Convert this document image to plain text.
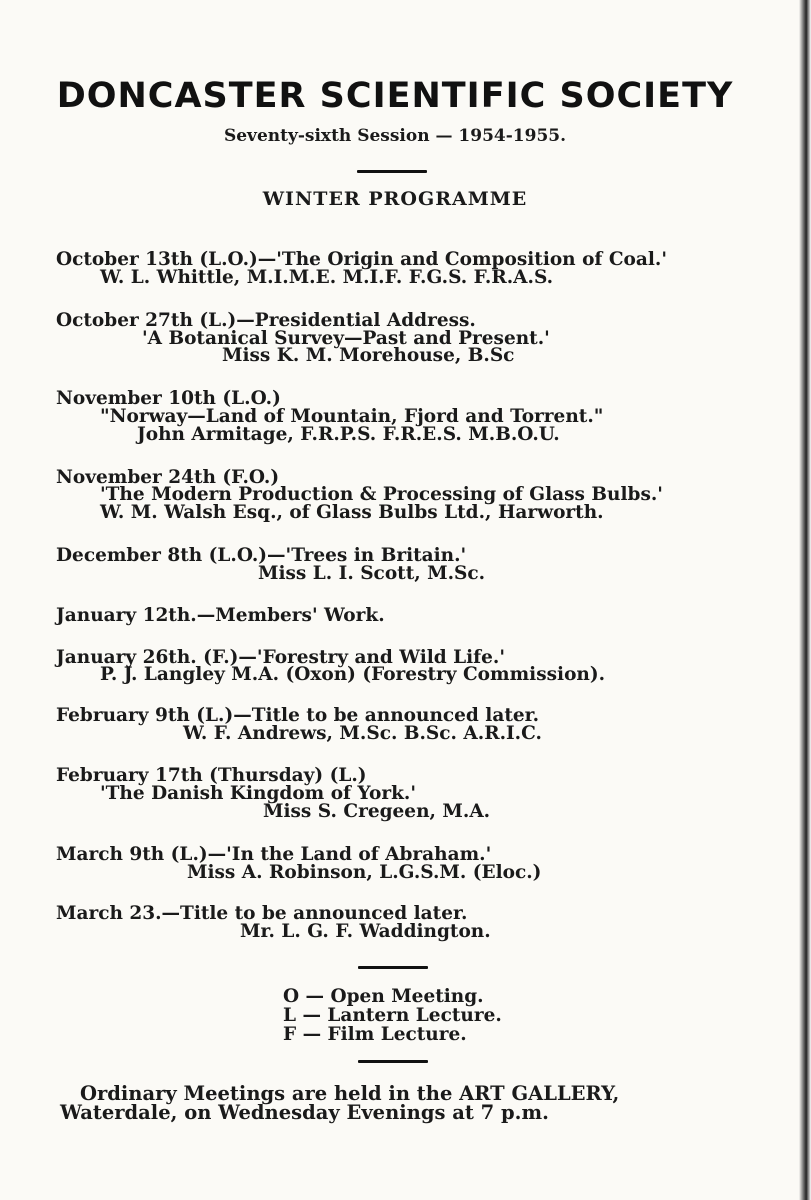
DONCASTER SCIENTIFIC SOCIETY
Seventy-sixth Session — 1954-1955.
WINTER PROGRAMME
October 13th (L.O.)—'The Origin and Composition of Coal.'
W. L. Whittle, M.I.M.E. M.I.F. F.G.S. F.R.A.S.
October 27th (L.)—Presidential Address.
'A Botanical Survey—Past and Present.'
Miss K. M. Morehouse, B.Sc
November 10th (L.O.)
"Norway—Land of Mountain, Fjord and Torrent."
John Armitage, F.R.P.S. F.R.E.S. M.B.O.U.
November 24th (F.O.)
'The Modern Production & Processing of Glass Bulbs.'
W. M. Walsh Esq., of Glass Bulbs Ltd., Harworth.
December 8th (L.O.)—'Trees in Britain.'
Miss L. I. Scott, M.Sc.
January 12th.—Members' Work.
January 26th. (F.)—'Forestry and Wild Life.'
P. J. Langley M.A. (Oxon) (Forestry Commission).
February 9th (L.)—Title to be announced later.
W. F. Andrews, M.Sc. B.Sc. A.R.I.C.
February 17th (Thursday) (L.)
'The Danish Kingdom of York.'
Miss S. Cregeen, M.A.
March 9th (L.)—'In the Land of Abraham.'
Miss A. Robinson, L.G.S.M. (Eloc.)
March 23.—Title to be announced later.
Mr. L. G. F. Waddington.
O — Open Meeting.
L — Lantern Lecture.
F — Film Lecture.
Ordinary Meetings are held in the ART GALLERY,
Waterdale, on Wednesday Evenings at 7 p.m.
